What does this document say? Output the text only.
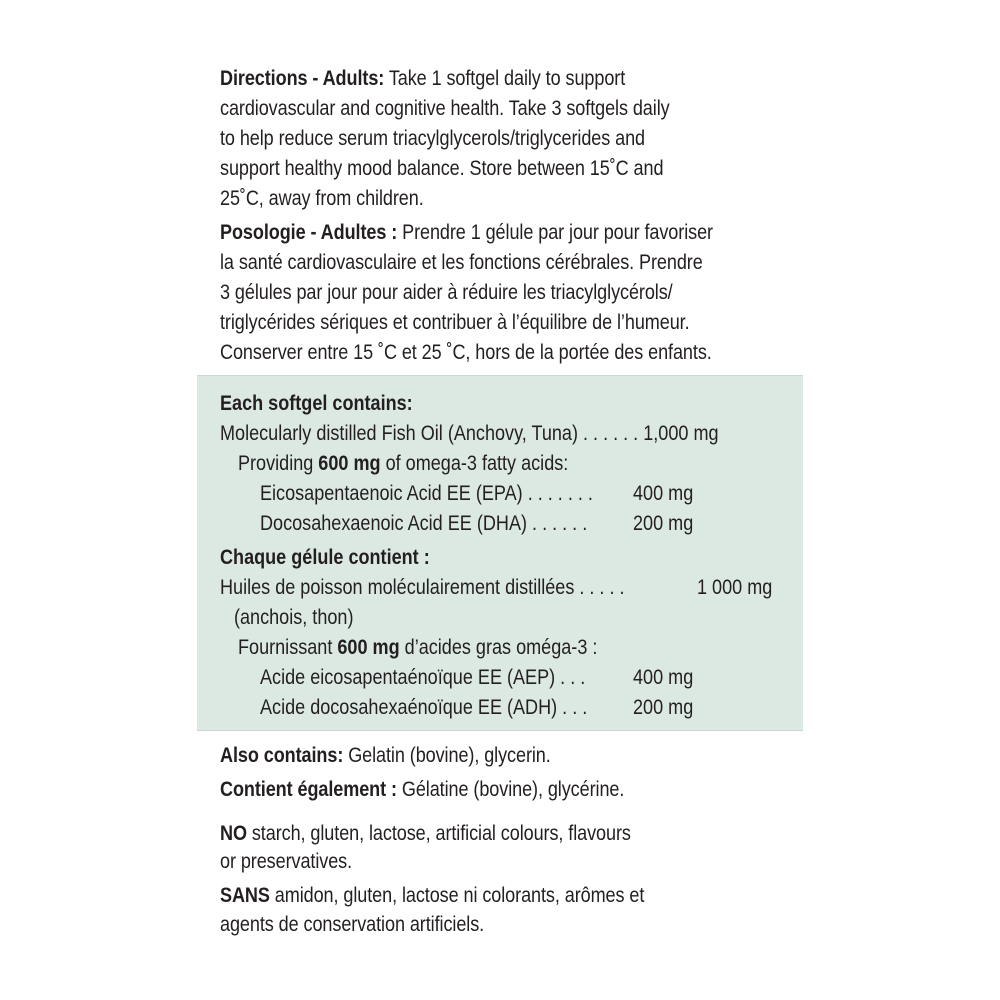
Directions - Adults: Take 1 softgel daily to support
cardiovascular and cognitive health. Take 3 softgels daily
to help reduce serum triacylglycerols/triglycerides and
support healthy mood balance. Store between 15˚C and
25˚C, away from children.
Posologie - Adultes : Prendre 1 gélule par jour pour favoriser
la santé cardiovasculaire et les fonctions cérébrales. Prendre
3 gélules par jour pour aider à réduire les triacylglycérols/
triglycérides sériques et contribuer à l’équilibre de l’humeur.
Conserver entre 15 ˚C et 25 ˚C, hors de la portée des enfants.
Each softgel contains:
Molecularly distilled Fish Oil (Anchovy, Tuna) . . . . . . 1,000 mg
Providing 600 mg of omega-3 fatty acids:
Eicosapentaenoic Acid EE (EPA) . . . . . . . 400 mg
Docosahexaenoic Acid EE (DHA) . . . . . . 200 mg
Chaque gélule contient :
Huiles de poisson moléculairement distillées . . . . .	1 000 mg
(anchois, thon)
Fournissant 600 mg d’acides gras oméga-3 :
Acide eicosapentaénoïque EE (AEP) . . . 400 mg
Acide docosahexaénoïque EE (ADH) . . . 200 mg
Also contains: Gelatin (bovine), glycerin.
Contient également : Gélatine (bovine), glycérine.
NO starch, gluten, lactose, artificial colours, flavours
or preservatives.
SANS amidon, gluten, lactose ni colorants, arômes et
agents de conservation artificiels.
